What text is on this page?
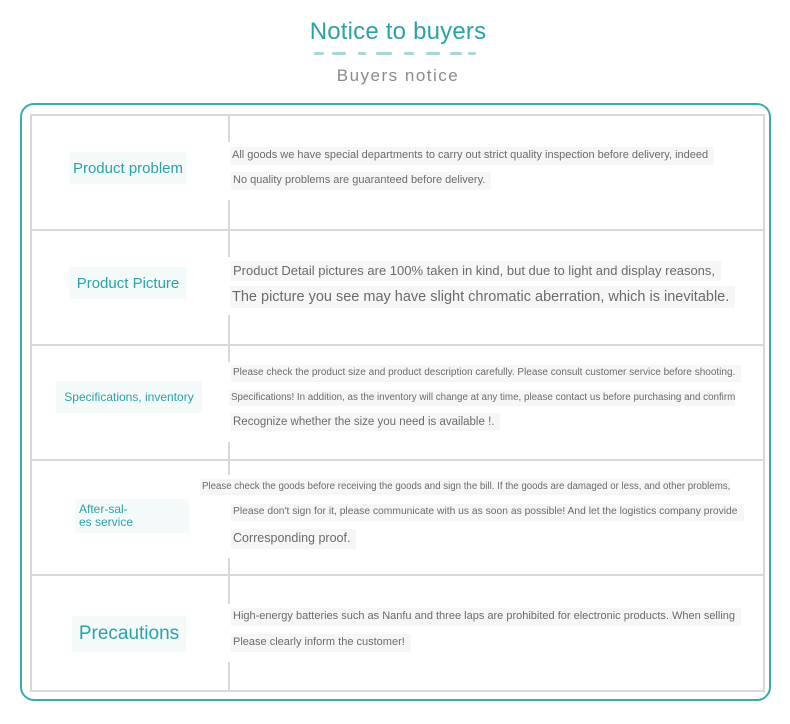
Notice to buyers
Buyers notice
Product problem
All goods we have special departments to carry out strict quality inspection before delivery, indeed
No quality problems are guaranteed before delivery.
Product Picture
Product Detail pictures are 100% taken in kind, but due to light and display reasons,
The picture you see may have slight chromatic aberration, which is inevitable.
Specifications, inventory
Please check the product size and product description carefully. Please consult customer service before shooting.
Specifications! In addition, as the inventory will change at any time, please contact us before purchasing and confirm
Recognize whether the size you need is available !.
After-sal-
es service
Please check the goods before receiving the goods and sign the bill. If the goods are damaged or less, and other problems,
Please don't sign for it, please communicate with us as soon as possible! And let the logistics company provide
Corresponding proof.
Precautions
High-energy batteries such as Nanfu and three laps are prohibited for electronic products. When selling
Please clearly inform the customer!
